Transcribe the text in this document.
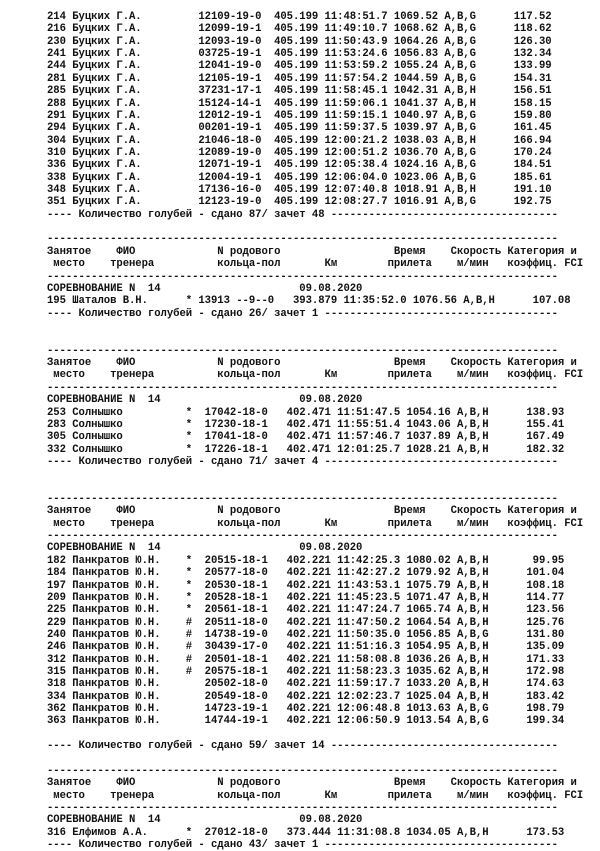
214 Буцких Г.А.         12109-19-0  405.199 11:48:51.7 1069.52 A,B,G      117.52
216 Буцких Г.А.         12099-19-1  405.199 11:49:10.7 1068.62 A,B,G      118.62
230 Буцких Г.А.         12093-19-0  405.199 11:50:43.9 1064.26 A,B,G      126.30
241 Буцких Г.А.         03725-19-1  405.199 11:53:24.6 1056.83 A,B,G      132.34
244 Буцких Г.А.         12041-19-0  405.199 11:53:59.2 1055.24 A,B,G      133.99
281 Буцких Г.А.         12105-19-1  405.199 11:57:54.2 1044.59 A,B,G      154.31
285 Буцких Г.А.         37231-17-1  405.199 11:58:45.1 1042.31 A,B,H      156.51
288 Буцких Г.А.         15124-14-1  405.199 11:59:06.1 1041.37 A,B,H      158.15
291 Буцких Г.А.         12012-19-1  405.199 11:59:15.1 1040.97 A,B,G      159.80
294 Буцких Г.А.         00201-19-1  405.199 11:59:37.5 1039.97 A,B,G      161.45
304 Буцких Г.А.         21046-18-0  405.199 12:00:21.2 1038.03 A,B,H      166.94
310 Буцких Г.А.         12089-19-0  405.199 12:00:51.2 1036.70 A,B,G      170.24
336 Буцких Г.А.         12071-19-1  405.199 12:05:38.4 1024.16 A,B,G      184.51
338 Буцких Г.А.         12004-19-1  405.199 12:06:04.0 1023.06 A,B,G      185.61
348 Буцких Г.А.         17136-16-0  405.199 12:07:40.8 1018.91 A,B,H      191.10
351 Буцких Г.А.         12123-19-0  405.199 12:08:27.7 1016.91 A,B,G      192.75
---- Количество голубей - сдано 87/ зачет 48 ------------------------------------
---------------------------------------------------------------------------------
Занятое    ФИО             N родового                  Время    Скорость Категория и
место    тренера          кольца-пол       Км        прилета    м/мин   коэффиц. FCI
---------------------------------------------------------------------------------
СОРЕВНОВАНИЕ N  14                      09.08.2020
195 Шаталов В.Н.      * 13913 --9--0   393.879 11:35:52.0 1076.56 A,B,H      107.08
---- Количество голубей - сдано 26/ зачет 1 -------------------------------------
---------------------------------------------------------------------------------
Занятое    ФИО             N родового                  Время    Скорость Категория и
место    тренера          кольца-пол       Км        прилета    м/мин   коэффиц. FCI
---------------------------------------------------------------------------------
СОРЕВНОВАНИЕ N  14                      09.08.2020
253 Солнышко          *  17042-18-0   402.471 11:51:47.5 1054.16 A,B,H      138.93
283 Солнышко          *  17230-18-1   402.471 11:55:51.4 1043.06 A,B,H      155.41
305 Солнышко          *  17041-18-0   402.471 11:57:46.7 1037.89 A,B,H      167.49
332 Солнышко          *  17226-18-1   402.471 12:01:25.7 1028.21 A,B,H      182.32
---- Количество голубей - сдано 71/ зачет 4 -------------------------------------
---------------------------------------------------------------------------------
Занятое    ФИО             N родового                  Время    Скорость Категория и
место    тренера          кольца-пол       Км        прилета    м/мин   коэффиц. FCI
---------------------------------------------------------------------------------
СОРЕВНОВАНИЕ N  14                      09.08.2020
182 Панкратов Ю.Н.    *  20515-18-1   402.221 11:42:25.3 1080.02 A,B,H       99.95
184 Панкратов Ю.Н.    *  20577-18-0   402.221 11:42:27.2 1079.92 A,B,H      101.04
197 Панкратов Ю.Н.    *  20530-18-1   402.221 11:43:53.1 1075.79 A,B,H      108.18
209 Панкратов Ю.Н.    *  20528-18-1   402.221 11:45:23.5 1071.47 A,B,H      114.77
225 Панкратов Ю.Н.    *  20561-18-1   402.221 11:47:24.7 1065.74 A,B,H      123.56
229 Панкратов Ю.Н.    #  20511-18-0   402.221 11:47:50.2 1064.54 A,B,H      125.76
240 Панкратов Ю.Н.    #  14738-19-0   402.221 11:50:35.0 1056.85 A,B,G      131.80
246 Панкратов Ю.Н.    #  30439-17-0   402.221 11:51:16.3 1054.95 A,B,H      135.09
312 Панкратов Ю.Н.    #  20501-18-1   402.221 11:58:08.8 1036.26 A,B,H      171.33
315 Панкратов Ю.Н.    #  20575-18-1   402.221 11:58:23.3 1035.62 A,B,H      172.98
318 Панкратов Ю.Н.       20502-18-0   402.221 11:59:17.7 1033.20 A,B,H      174.63
334 Панкратов Ю.Н.       20549-18-0   402.221 12:02:23.7 1025.04 A,B,H      183.42
362 Панкратов Ю.Н.       14723-19-1   402.221 12:06:48.8 1013.63 A,B,G      198.79
363 Панкратов Ю.Н.       14744-19-1   402.221 12:06:50.9 1013.54 A,B,G      199.34
---- Количество голубей - сдано 59/ зачет 14 ------------------------------------
---------------------------------------------------------------------------------
Занятое    ФИО             N родового                  Время    Скорость Категория и
место    тренера          кольца-пол       Км        прилета    м/мин   коэффиц. FCI
---------------------------------------------------------------------------------
СОРЕВНОВАНИЕ N  14                      09.08.2020
316 Елфимов А.А.      *  27012-18-0   373.444 11:31:08.8 1034.05 A,B,H      173.53
---- Количество голубей - сдано 43/ зачет 1 -------------------------------------
